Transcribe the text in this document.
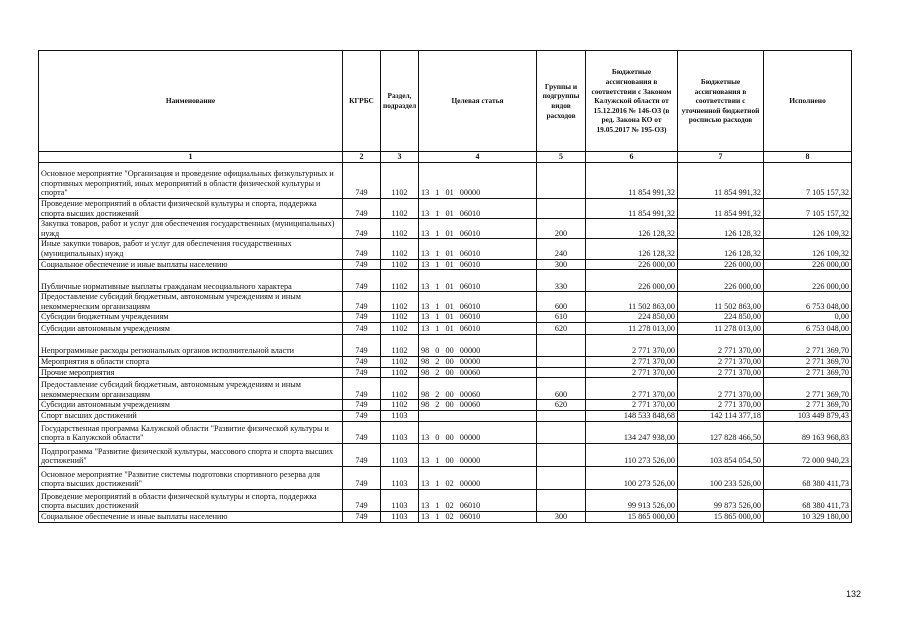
Наименование	КГРБС	Раздел, подраздел	Целевая статья	Группы и подгруппы видов расходов	Бюджетные ассигнования в соответствии с Законом Калужской области от 15.12.2016 № 146-ОЗ (в ред. Закона КО от 19.05.2017 № 195-ОЗ)	Бюджетные ассигнования в соответствии с уточненной бюджетной росписью расходов	Исполнено
1	2	3	4	5	6	7	8
Основное мероприятие "Организация и проведение официальных физкультурных и спортивных мероприятий, иных мероприятий в области физической культуры и спорта"	749	1102	13  1  01  00000		11 854 991,32	11 854 991,32	7 105 157,32
Проведение мероприятий в области физической культуры и спорта, поддержка спорта высших достижений	749	1102	13  1  01  06010		11 854 991,32	11 854 991,32	7 105 157,32
Закупка товаров, работ и услуг для обеспечения государственных (муниципальных) нужд	749	1102	13  1  01  06010	200	126 128,32	126 128,32	126 109,32
Иные закупки товаров, работ и услуг для обеспечения государственных (муниципальных) нужд	749	1102	13  1  01  06010	240	126 128,32	126 128,32	126 109,32
Социальное обеспечение и иные выплаты населению	749	1102	13  1  01  06010	300	226 000,00	226 000,00	226 000,00
Публичные нормативные выплаты гражданам несоциального характера	749	1102	13  1  01  06010	330	226 000,00	226 000,00	226 000,00
Предоставление субсидий бюджетным, автономным учреждениям и иным некоммерческим организациям	749	1102	13  1  01  06010	600	11 502 863,00	11 502 863,00	6 753 048,00
Субсидии бюджетным учреждениям	749	1102	13  1  01  06010	610	224 850,00	224 850,00	0,00
Субсидии автономным учреждениям	749	1102	13  1  01  06010	620	11 278 013,00	11 278 013,00	6 753 048,00
Непрограммные расходы региональных органов исполнительной власти	749	1102	98  0  00  00000		2 771 370,00	2 771 370,00	2 771 369,70
Мероприятия в области спорта	749	1102	98  2  00  00000		2 771 370,00	2 771 370,00	2 771 369,70
Прочие мероприятия	749	1102	98  2  00  00060		2 771 370,00	2 771 370,00	2 771 369,70
Предоставление субсидий бюджетным, автономным учреждениям и иным некоммерческим организациям	749	1102	98  2  00  00060	600	2 771 370,00	2 771 370,00	2 771 369,70
Субсидии автономным учреждениям	749	1102	98  2  00  00060	620	2 771 370,00	2 771 370,00	2 771 369,70
Спорт высших достижений	749	1103			148 533 848,68	142 114 377,18	103 449 879,43
Государственная программа Калужской области "Развитие физической культуры и спорта в Калужской области"	749	1103	13  0  00  00000		134 247 938,00	127 828 466,50	89 163 968,83
Подпрограмма "Развитие физической культуры, массового спорта и спорта высших достижений"	749	1103	13  1  00  00000		110 273 526,00	103 854 054,50	72 000 940,23
Основное мероприятие "Развитие системы подготовки спортивного резерва для спорта высших достижений"	749	1103	13  1  02  00000		100 273 526,00	100 233 526,00	68 380 411,73
Проведение мероприятий в области физической культуры и спорта, поддержка спорта высших достижений	749	1103	13  1  02  06010		99 913 526,00	99 873 526,00	68 380 411,73
Социальное обеспечение и иные выплаты населению	749	1103	13  1  02  06010	300	15 865 000,00	15 865 000,00	10 329 180,00
132
